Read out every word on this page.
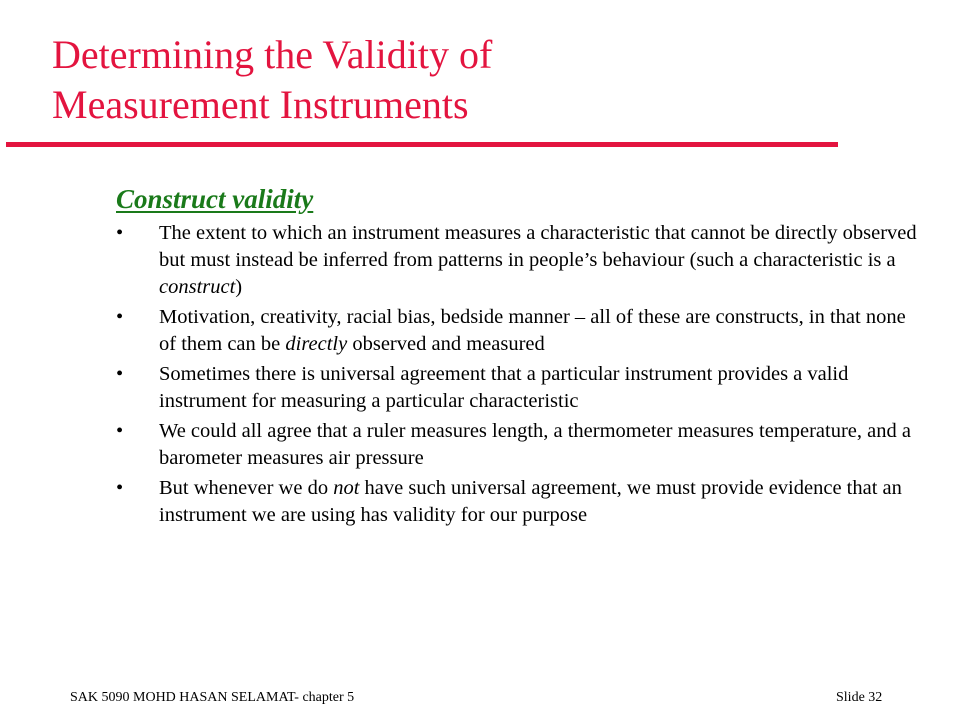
Determining the Validity of
Measurement Instruments
Construct validity
• The extent to which an instrument measures a characteristic that cannot be directly observed but must instead be inferred from patterns in people’s behaviour (such a characteristic is a construct)
• Motivation, creativity, racial bias, bedside manner – all of these are constructs, in that none of them can be directly observed and measured
• Sometimes there is universal agreement that a particular instrument provides a valid instrument for measuring a particular characteristic
• We could all agree that a ruler measures length, a thermometer measures temperature, and a barometer measures air pressure
• But whenever we do not have such universal agreement, we must provide evidence that an instrument we are using has validity for our purpose
SAK 5090 MOHD HASAN SELAMAT- chapter 5	Slide 32
